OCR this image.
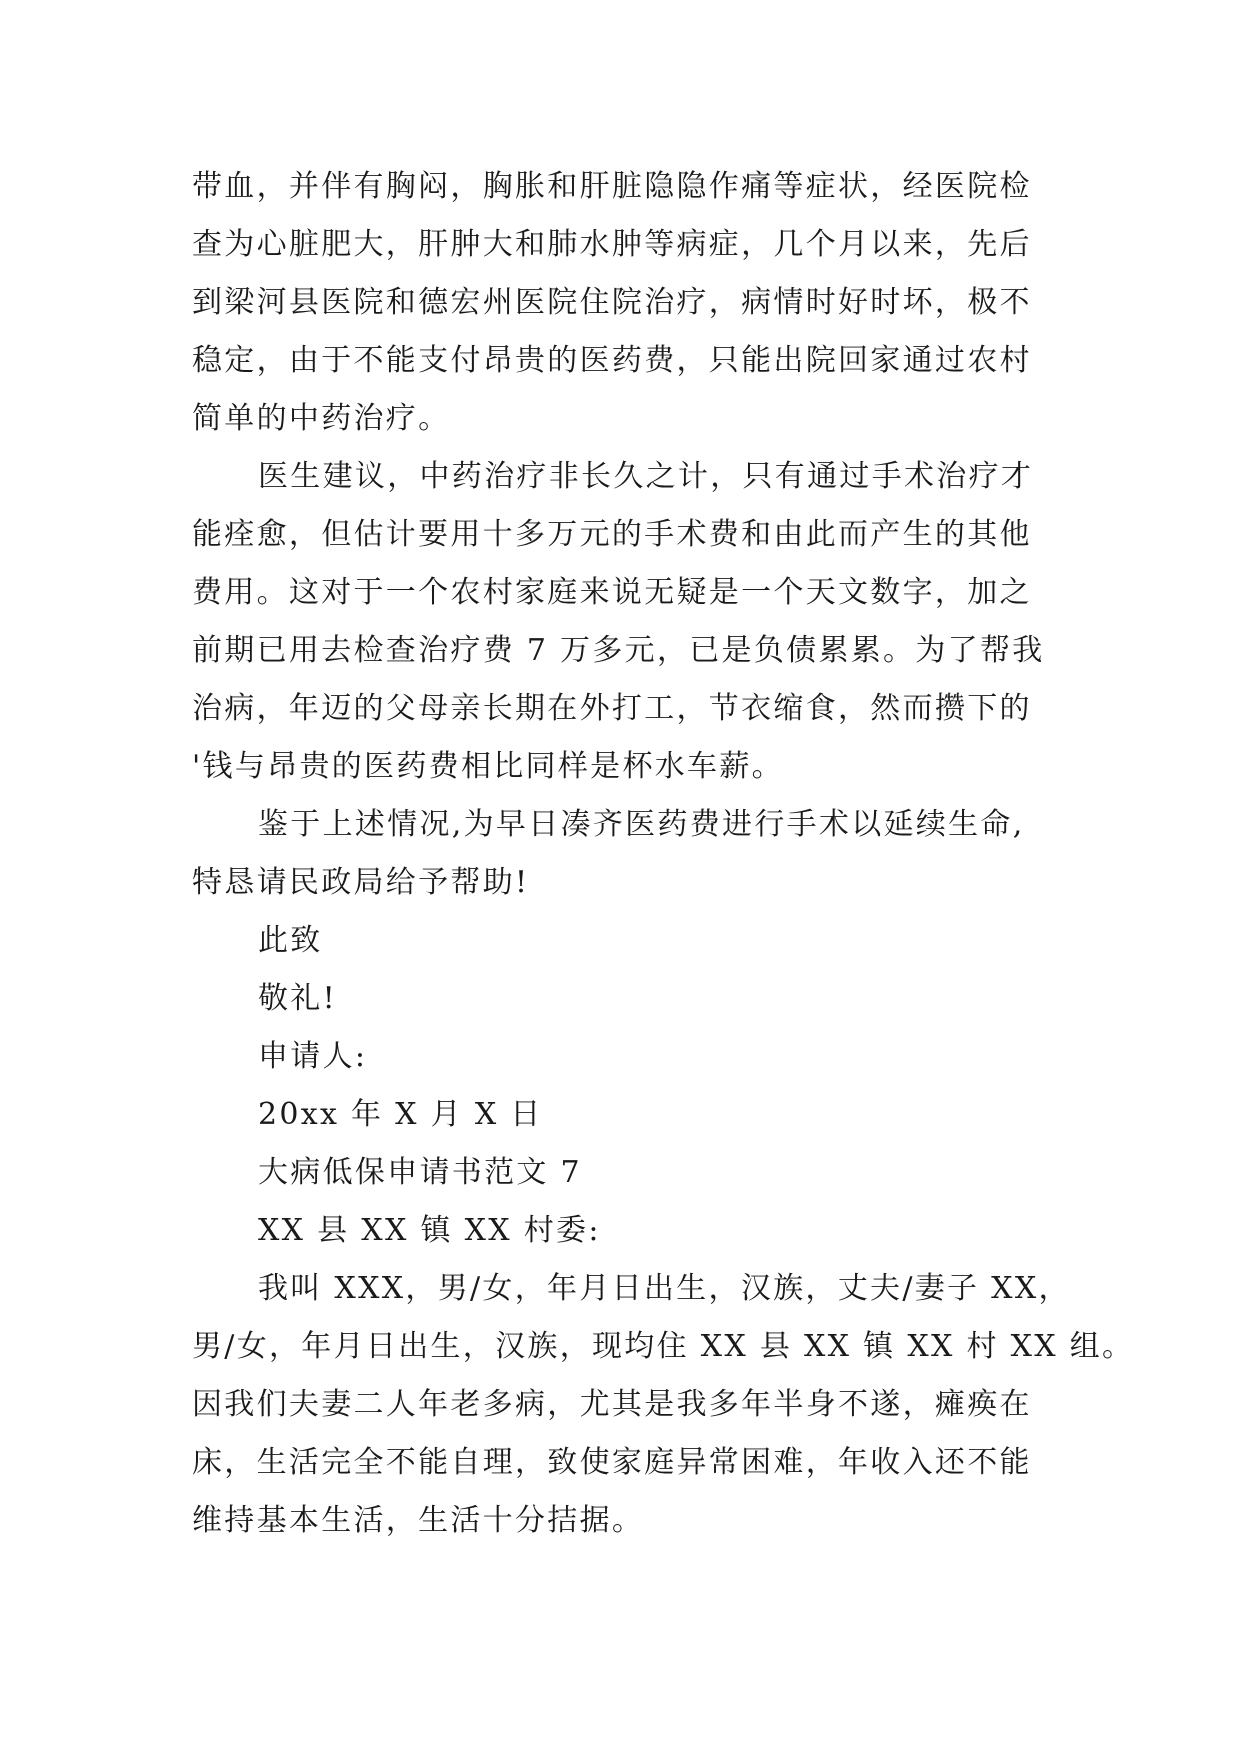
带血，并伴有胸闷，胸胀和肝脏隐隐作痛等症状，经医院检

查为心脏肥大，肝肿大和肺水肿等病症，几个月以来，先后

到梁河县医院和德宏州医院住院治疗，病情时好时坏，极不

稳定，由于不能支付昂贵的医药费，只能出院回家通过农村

简单的中药治疗。

医生建议，中药治疗非长久之计，只有通过手术治疗才

能痊愈，但估计要用十多万元的手术费和由此而产生的其他

费用。这对于一个农村家庭来说无疑是一个天文数字，加之

前期已用去检查治疗费 7 万多元，已是负债累累。为了帮我

治病，年迈的父母亲长期在外打工，节衣缩食，然而攒下的

'钱与昂贵的医药费相比同样是杯水车薪。

鉴于上述情况,为早日凑齐医药费进行手术以延续生命,

特恳请民政局给予帮助!

此致

敬礼!

申请人:

20xx 年 X 月 X 日

大病低保申请书范文 7

XX 县 XX 镇 XX 村委:

我叫 XXX，男/女，年月日出生，汉族，丈夫/妻子 XX，

男/女，年月日出生，汉族，现均住 XX 县 XX 镇 XX 村 XX 组。

因我们夫妻二人年老多病，尤其是我多年半身不遂，瘫痪在

床，生活完全不能自理，致使家庭异常困难，年收入还不能

维持基本生活，生活十分拮据。
